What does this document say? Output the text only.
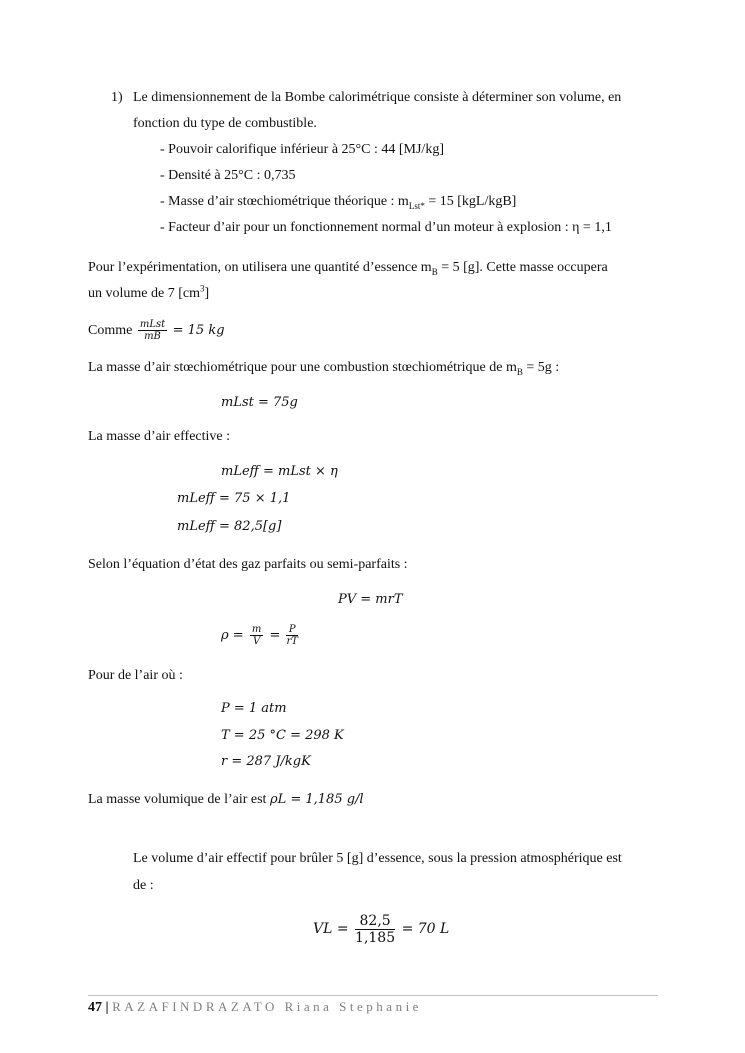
1) Le dimensionnement de la Bombe calorimétrique consiste à déterminer son volume, en
fonction du type de combustible.
- Pouvoir calorifique inférieur à 25°C : 44 [MJ/kg]
- Densité à 25°C : 0,735
- Masse d’air stœchiométrique théorique : $m_{Lst*} = 15$ [kgL/kgB]
- Facteur d’air pour un fonctionnement normal d’un moteur à explosion : η = 1,1
Pour l’expérimentation, on utilisera une quantité d’essence $m_B = 5$ [g]. Cette masse occupera
un volume de 7 $[cm^3]$
Comme $\frac{\text{mLst}}{mB} = 15$ kg
La masse d’air stœchiométrique pour une combustion stœchiométrique de $m_B = 5g$ :
mLst = 75g
La masse d’air effective :
mLeff = mLst × η
mLeff = 75 × 1,1
mLeff = 82,5[g]
Selon l’équation d’état des gaz parfaits ou semi-parfaits :
PV = mrT
$\rho = \frac{m}{V} = \frac{P}{rT}$
Pour de l’air où :
P = 1 atm
T = 25 °C = 298 K
r = 287 J/kgK
La masse volumique de l’air est ρL = 1,185 g/l
Le volume d’air effectif pour brûler 5 [g] d’essence, sous la pression atmosphérique est
de :
VL = $\frac{82,5}{1,185} = 70$ L
47 | RAZAFINDRAZATO Riana Stephanie
